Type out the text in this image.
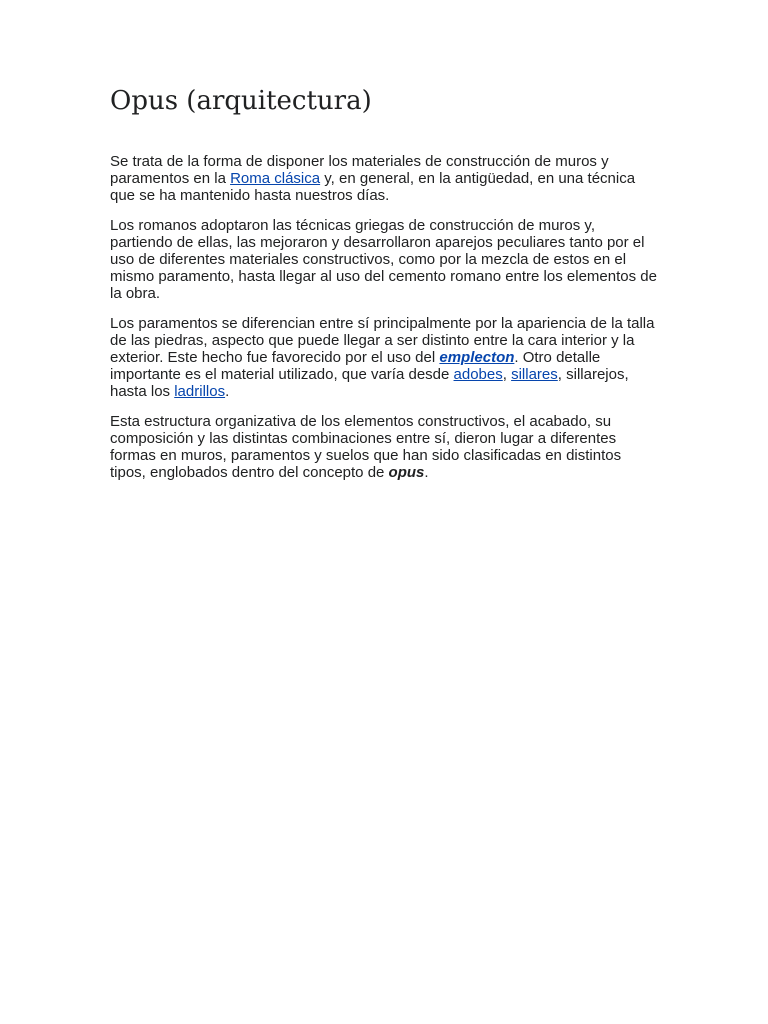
Opus (arquitectura)

Se trata de la forma de disponer los materiales de construcción de muros y paramentos en la Roma clásica y, en general, en la antigüedad, en una técnica que se ha mantenido hasta nuestros días.

Los romanos adoptaron las técnicas griegas de construcción de muros y, partiendo de ellas, las mejoraron y desarrollaron aparejos peculiares tanto por el uso de diferentes materiales constructivos, como por la mezcla de estos en el mismo paramento, hasta llegar al uso del cemento romano entre los elementos de la obra.

Los paramentos se diferencian entre sí principalmente por la apariencia de la talla de las piedras, aspecto que puede llegar a ser distinto entre la cara interior y la exterior. Este hecho fue favorecido por el uso del emplecton. Otro detalle importante es el material utilizado, que varía desde adobes, sillares, sillarejos, hasta los ladrillos.

Esta estructura organizativa de los elementos constructivos, el acabado, su composición y las distintas combinaciones entre sí, dieron lugar a diferentes formas en muros, paramentos y suelos que han sido clasificadas en distintos tipos, englobados dentro del concepto de opus.
